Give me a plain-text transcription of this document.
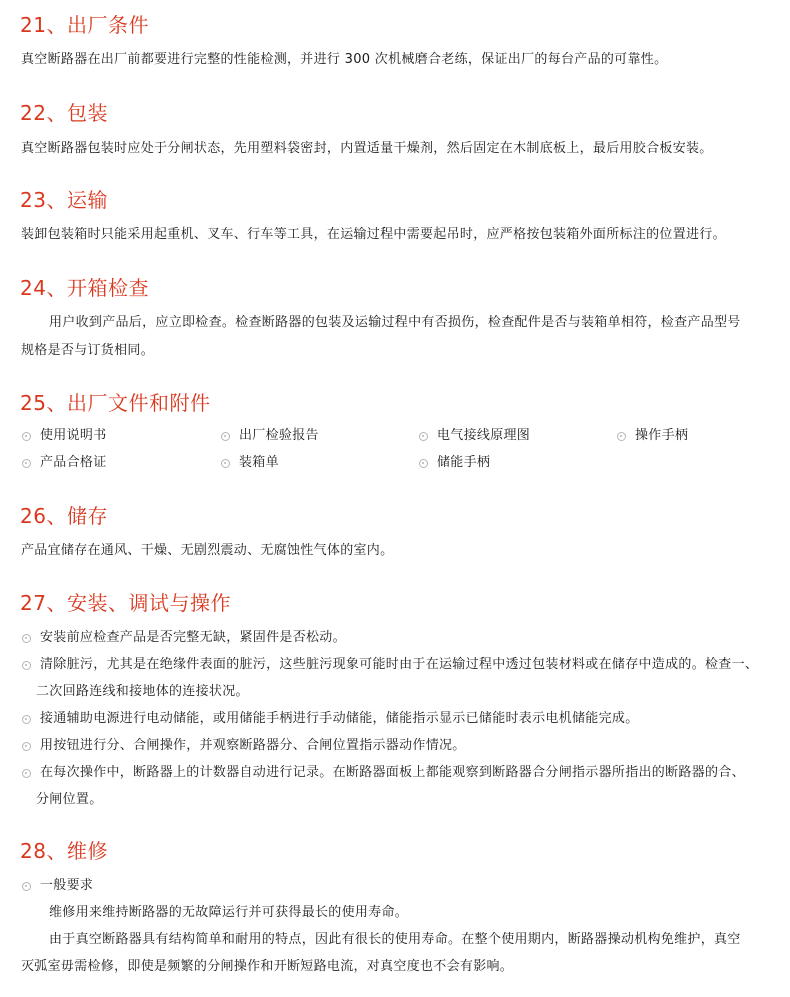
21、出厂条件
真空断路器在出厂前都要进行完整的性能检测，并进行 300 次机械磨合老练，保证出厂的每台产品的可靠性。
22、包装
真空断路器包装时应处于分闸状态，先用塑料袋密封，内置适量干燥剂，然后固定在木制底板上，最后用胶合板安装。
23、运输
装卸包装箱时只能采用起重机、叉车、行车等工具，在运输过程中需要起吊时，应严格按包装箱外面所标注的位置进行。
24、开箱检查
用户收到产品后，应立即检查。检查断路器的包装及运输过程中有否损伤，检查配件是否与装箱单相符，检查产品型号
规格是否与订货相同。
25、出厂文件和附件
使用说明书	出厂检验报告	电气接线原理图	操作手柄
产品合格证	装箱单	储能手柄
26、储存
产品宜储存在通风、干燥、无剧烈震动、无腐蚀性气体的室内。
27、安装、调试与操作
安装前应检查产品是否完整无缺，紧固件是否松动。
清除脏污，尤其是在绝缘件表面的脏污，这些脏污现象可能时由于在运输过程中透过包装材料或在储存中造成的。检查一、
二次回路连线和接地体的连接状况。
接通辅助电源进行电动储能，或用储能手柄进行手动储能，储能指示显示已储能时表示电机储能完成。
用按钮进行分、合闸操作，并观察断路器分、合闸位置指示器动作情况。
在每次操作中，断路器上的计数器自动进行记录。在断路器面板上都能观察到断路器合分闸指示器所指出的断路器的合、
分闸位置。
28、维修
一般要求
维修用来维持断路器的无故障运行并可获得最长的使用寿命。
由于真空断路器具有结构简单和耐用的特点，因此有很长的使用寿命。在整个使用期内，断路器操动机构免维护，真空
灭弧室毋需检修，即使是频繁的分闸操作和开断短路电流，对真空度也不会有影响。
